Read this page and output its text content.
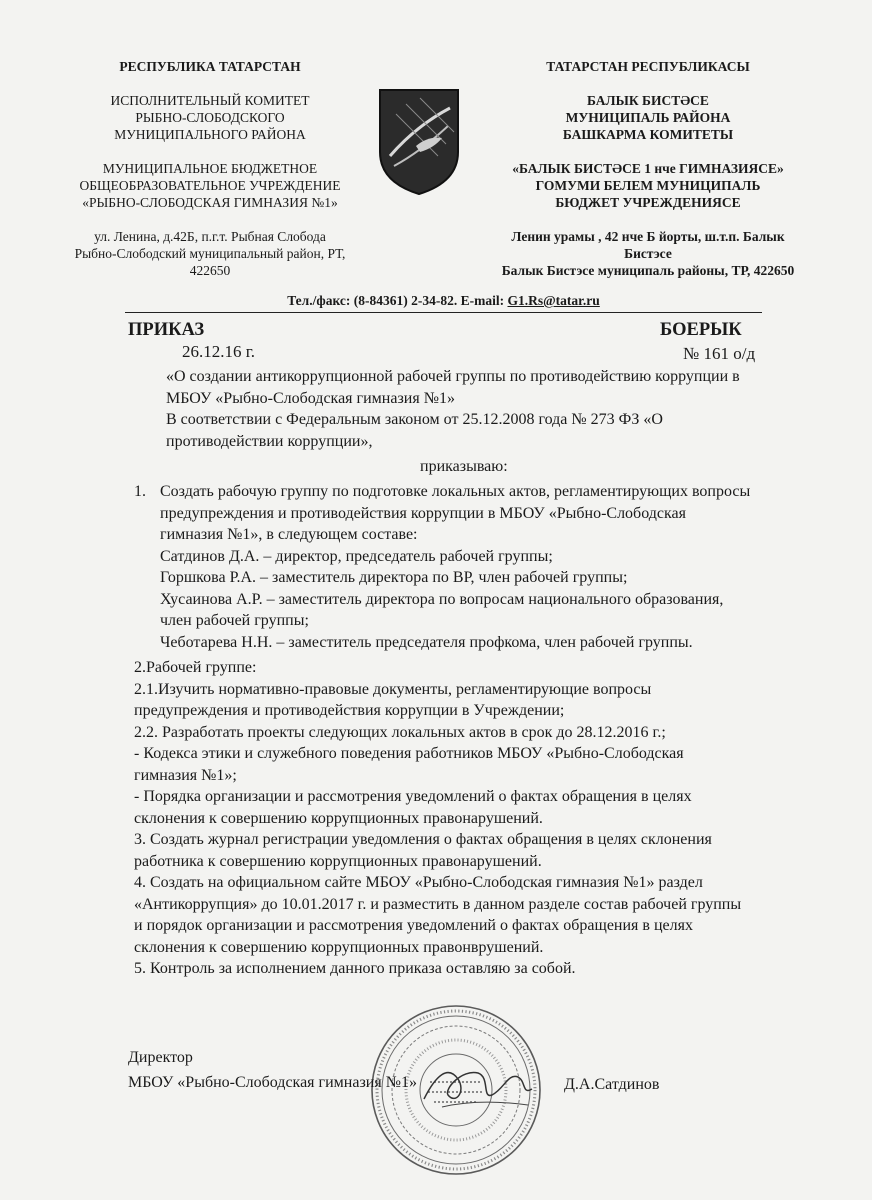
РЕСПУБЛИКА ТАТАРСТАН

ИСПОЛНИТЕЛЬНЫЙ КОМИТЕТ

РЫБНО-СЛОБОДСКОГО

МУНИЦИПАЛЬНОГО РАЙОНА

МУНИЦИПАЛЬНОЕ БЮДЖЕТНОЕ

ОБЩЕОБРАЗОВАТЕЛЬНОЕ УЧРЕЖДЕНИЕ

«РЫБНО-СЛОБОДСКАЯ ГИМНАЗИЯ №1»

ул. Ленина, д.42Б, п.г.т. Рыбная Слобода

Рыбно-Слободский муниципальный район, РТ,

422650

ТАТАРСТАН РЕСПУБЛИКАСЫ

БАЛЫК БИСТӘСЕ

МУНИЦИПАЛЬ РАЙОНА

БАШКАРМА КОМИТЕТЫ

«БАЛЫК БИСТӘСЕ 1 нче ГИМНАЗИЯСЕ»

ГОМУМИ БЕЛЕМ МУНИЦИПАЛЬ

БЮДЖЕТ УЧРЕЖДЕНИЯСЕ

Ленин урамы , 42 нче Б йорты, ш.т.п. Балык

Бистэсе

Балык Бистэсе муниципаль районы, ТР, 422650

Тел./факс: (8-84361) 2-34-82. E-mail: G1.Rs@tatar.ru
ПРИКАЗ	БОЕРЫК
26.12.16 г.	№ 161 о/д

«О создании антикоррупционной рабочей группы по противодействию коррупции в

МБОУ «Рыбно-Слободская гимназия №1»

В соответствии с Федеральным законом от 25.12.2008 года № 273 ФЗ «О

противодействии коррупции»,

приказываю:
1. Создать рабочую группу по подготовке локальных актов, регламентирующих вопросы

предупреждения и противодействия коррупции в МБОУ «Рыбно-Слободская

гимназия №1», в следующем составе:

Сатдинов Д.А. – директор, председатель рабочей группы;

Горшкова Р.А. – заместитель директора по ВР, член рабочей группы;

Хусаинова А.Р. – заместитель директора по вопросам национального образования,

член рабочей группы;

Чеботарева Н.Н. – заместитель председателя профкома, член рабочей группы.

2.Рабочей группе:

2.1.Изучить нормативно-правовые документы, регламентирующие вопросы

предупреждения и противодействия коррупции в Учреждении;

2.2. Разработать проекты следующих локальных актов в срок до 28.12.2016 г.;

- Кодекса этики и служебного поведения работников МБОУ «Рыбно-Слободская

гимназия №1»;

- Порядка организации и рассмотрения уведомлений о фактах обращения в целях

склонения к совершению коррупционных правонарушений.

3. Создать журнал регистрации уведомления о фактах обращения в целях склонения

работника к совершению коррупционных правонарушений.

4. Создать на официальном сайте МБОУ «Рыбно-Слободская гимназия №1» раздел

«Антикоррупция» до 10.01.2017 г. и разместить в данном разделе состав рабочей группы

и порядок организации и рассмотрения уведомлений о фактах обращения в целях

склонения к совершению коррупционных правонврушений.

5. Контроль за исполнением данного приказа оставляю за собой.

Директор
МБОУ «Рыбно-Слободская гимназия №1»	Д.А.Сатдинов
